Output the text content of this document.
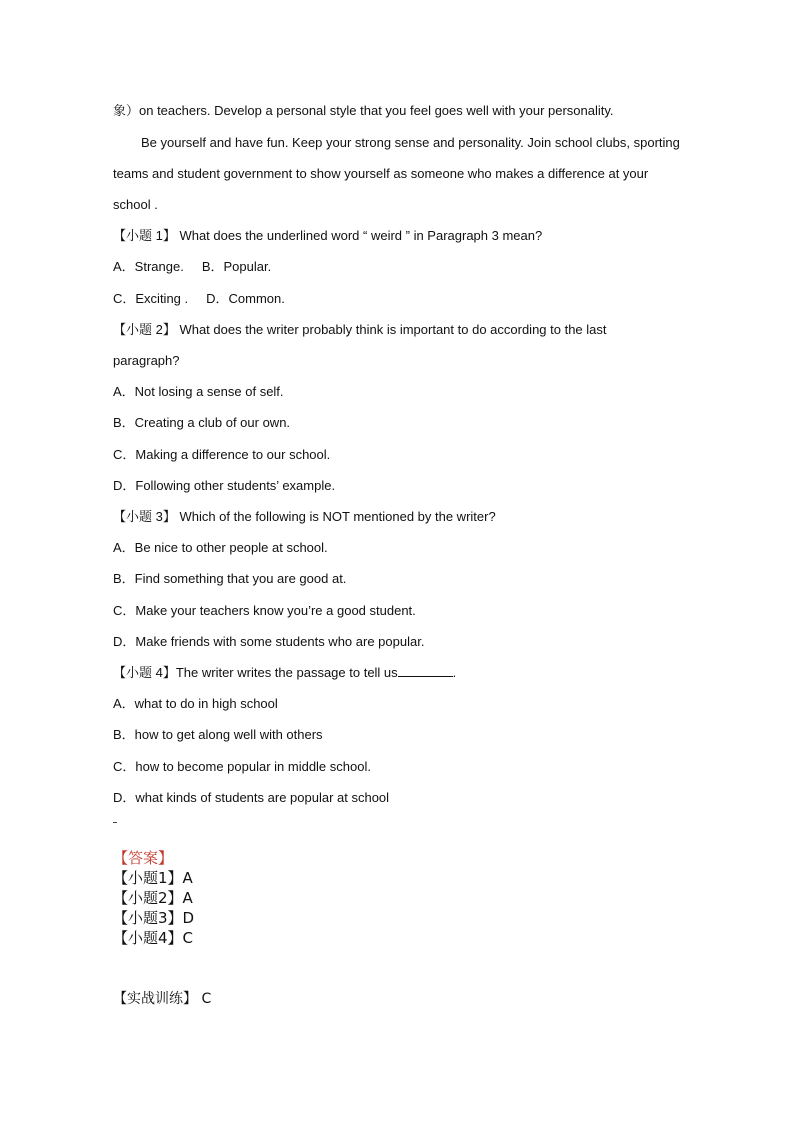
象）on teachers. Develop a personal style that you feel goes well with your personality.
Be yourself and have fun. Keep your strong sense and personality. Join school clubs, sporting
teams and student government to show yourself as someone who makes a difference at your
school .
【小题 1】 What does the underlined word “ weird ” in Paragraph 3 mean?
A．Strange. B．Popular.
C．Exciting . D．Common.
【小题 2】 What does the writer probably think is important to do according to the last
paragraph?
A．Not losing a sense of self.
B．Creating a club of our own.
C．Making a difference to our school.
D．Following other students’ example.
【小题 3】 Which of the following is NOT mentioned by the writer?
A．Be nice to other people at school.
B．Find something that you are good at.
C．Make your teachers know you’re a good student.
D．Make friends with some students who are popular.
【小题 4】The writer writes the passage to tell us	.
A．what to do in high school
B．how to get along well with others
C．how to become popular in middle school.
D．what kinds of students are popular at school
【答案】
【小题1】A
【小题2】A
【小题3】D
【小题4】C
【实战训练】 C
